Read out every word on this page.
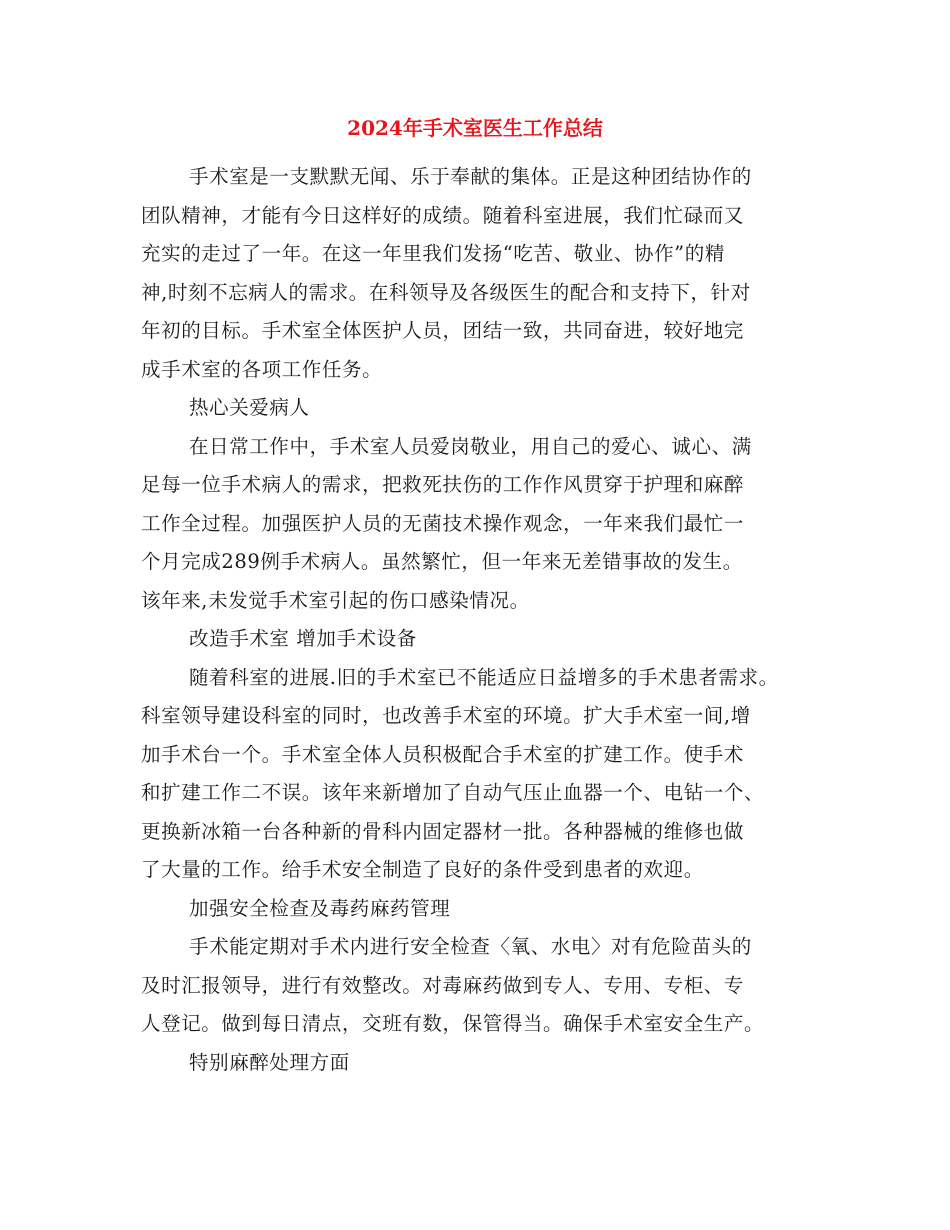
2024年手术室医生工作总结
手术室是一支默默无闻、乐于奉献的集体。正是这种团结协作的
团队精神，才能有今日这样好的成绩。随着科室进展，我们忙碌而又
充实的走过了一年。在这一年里我们发扬“吃苦、敬业、协作”的精
神,时刻不忘病人的需求。在科领导及各级医生的配合和支持下，针对
年初的目标。手术室全体医护人员，团结一致，共同奋进，较好地完
成手术室的各项工作任务。
热心关爱病人
在日常工作中，手术室人员爱岗敬业，用自己的爱心、诚心、满
足每一位手术病人的需求，把救死扶伤的工作作风贯穿于护理和麻醉
工作全过程。加强医护人员的无菌技术操作观念，一年来我们最忙一
个月完成289例手术病人。虽然繁忙，但一年来无差错事故的发生。
该年来,未发觉手术室引起的伤口感染情况。
改造手术室 增加手术设备
随着科室的进展.旧的手术室已不能适应日益增多的手术患者需求。
科室领导建设科室的同时，也改善手术室的环境。扩大手术室一间,增
加手术台一个。手术室全体人员积极配合手术室的扩建工作。使手术
和扩建工作二不误。该年来新增加了自动气压止血器一个、电钻一个、
更换新冰箱一台各种新的骨科内固定器材一批。各种器械的维修也做
了大量的工作。给手术安全制造了良好的条件受到患者的欢迎。
加强安全检查及毒药麻药管理
手术能定期对手术内进行安全检查〈氧、水电〉对有危险苗头的
及时汇报领导，进行有效整改。对毒麻药做到专人、专用、专柜、专
人登记。做到每日清点，交班有数，保管得当。确保手术室安全生产。
特别麻醉处理方面
